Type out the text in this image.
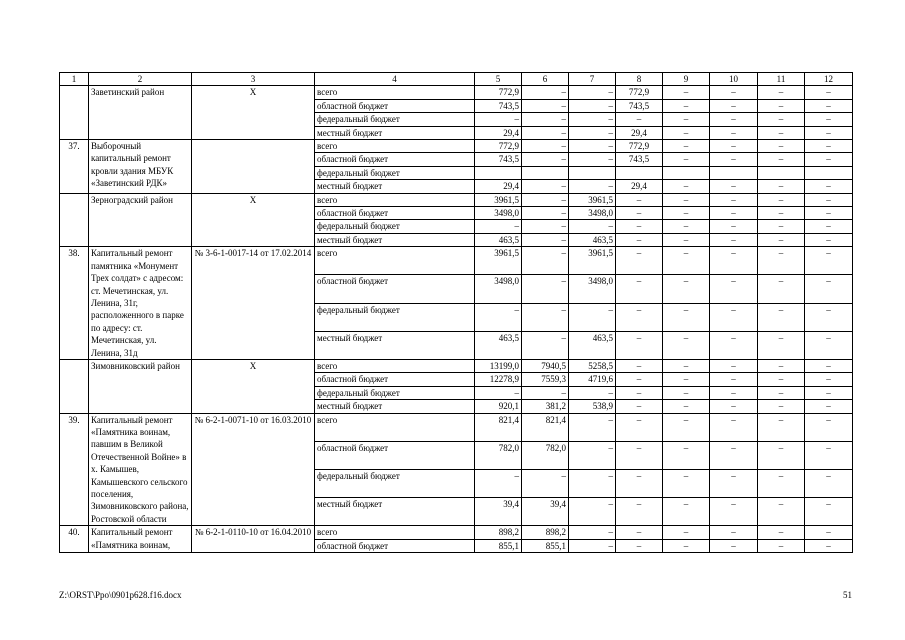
1	2	3	4	5	6	7	8	9	10	11	12
	Заветинский район	Х	всего	772,9	–	–	772,9	–	–	–	–
			областной бюджет	743,5	–	–	743,5	–	–	–	–
			федеральный бюджет	–	–	–	–	–	–	–	–
			местный бюджет	29,4	–	–	29,4	–	–	–	–
37.	Выборочный капитальный ремонт кровли здания МБУК «Заветинский РДК»		всего	772,9	–	–	772,9	–	–	–	–
			областной бюджет	743,5	–	–	743,5	–	–	–	–
			федеральный бюджет								
			местный бюджет	29,4	–	–	29,4	–	–	–	–
	Зерноградский район	Х	всего	3961,5	–	3961,5	–	–	–	–	–
			областной бюджет	3498,0	–	3498,0	–	–	–	–	–
			федеральный бюджет	–	–	–	–	–	–	–	–
			местный бюджет	463,5	–	463,5	–	–	–	–	–
38.	Капитальный ремонт памятника «Монумент Трех солдат» с адресом: ст. Мечетинская, ул. Ленина, 31г, расположенного в парке по адресу: ст. Мечетинская, ул. Ленина, 31д	№ 3-6-1-0017-14 от 17.02.2014	всего	3961,5	–	3961,5	–	–	–	–	–
			областной бюджет	3498,0	–	3498,0	–	–	–	–	–
			федеральный бюджет	–	–	–	–	–	–	–	–
			местный бюджет	463,5	–	463,5	–	–	–	–	–
	Зимовниковский район	Х	всего	13199,0	7940,5	5258,5	–	–	–	–	–
			областной бюджет	12278,9	7559,3	4719,6	–	–	–	–	–
			федеральный бюджет	–	–	–	–	–	–	–	–
			местный бюджет	920,1	381,2	538,9	–	–	–	–	–
39.	Капитальный ремонт «Памятника воинам, павшим в Великой Отечественной Войне» в х. Камышев, Камышевского сельского поселения, Зимовниковского района, Ростовской области	№ 6-2-1-0071-10 от 16.03.2010	всего	821,4	821,4	–	–	–	–	–	–
			областной бюджет	782,0	782,0	–	–	–	–	–	–
			федеральный бюджет	–	–	–	–	–	–	–	–
			местный бюджет	39,4	39,4	–	–	–	–	–	–
40.	Капитальный ремонт «Памятника воинам,	№ 6-2-1-0110-10 от 16.04.2010	всего	898,2	898,2	–	–	–	–	–	–
			областной бюджет	855,1	855,1	–	–	–	–	–	–
Z:\ORST\Ppo\0901p628.f16.docx	51
